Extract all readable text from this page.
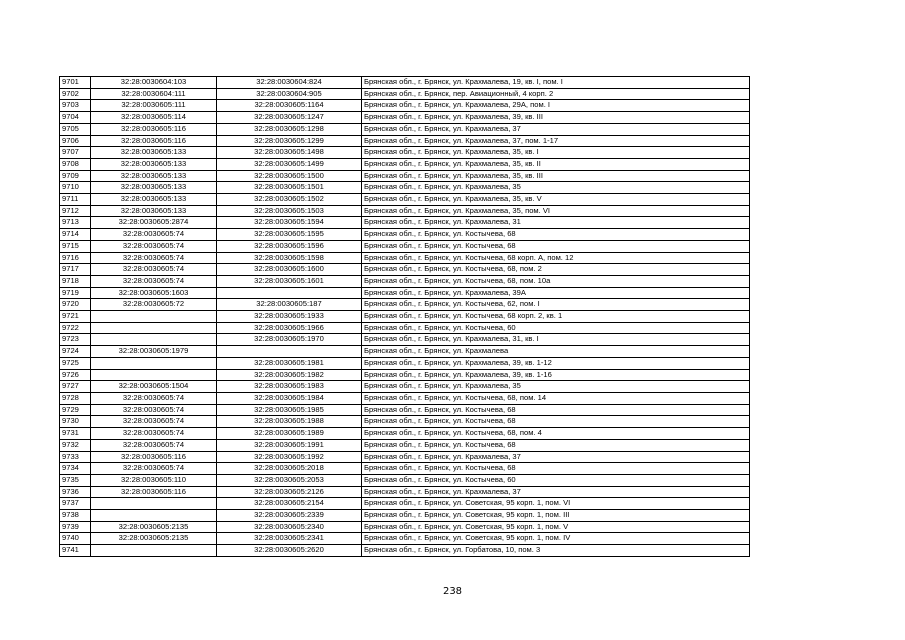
9701	32:28:0030604:103	32:28:0030604:824	Брянская обл., г. Брянск, ул. Крахмалева, 19, кв. I, пом. I
9702	32:28:0030604:111	32:28:0030604:905	Брянская обл., г. Брянск, пер. Авиационный, 4 корп. 2
9703	32:28:0030605:111	32:28:0030605:1164	Брянская обл., г. Брянск, ул. Крахмалева, 29А, пом. I
9704	32:28:0030605:114	32:28:0030605:1247	Брянская обл., г. Брянск, ул. Крахмалева, 39, кв. III
9705	32:28:0030605:116	32:28:0030605:1298	Брянская обл., г. Брянск, ул. Крахмалева, 37
9706	32:28:0030605:116	32:28:0030605:1299	Брянская обл., г. Брянск, ул. Крахмалева, 37, пом. 1-17
9707	32:28:0030605:133	32:28:0030605:1498	Брянская обл., г. Брянск, ул. Крахмалева, 35, кв. I
9708	32:28:0030605:133	32:28:0030605:1499	Брянская обл., г. Брянск, ул. Крахмалева, 35, кв. II
9709	32:28:0030605:133	32:28:0030605:1500	Брянская обл., г. Брянск, ул. Крахмалева, 35, кв. III
9710	32:28:0030605:133	32:28:0030605:1501	Брянская обл., г. Брянск, ул. Крахмалева, 35
9711	32:28:0030605:133	32:28:0030605:1502	Брянская обл., г. Брянск, ул. Крахмалева, 35, кв. V
9712	32:28:0030605:133	32:28:0030605:1503	Брянская обл., г. Брянск, ул. Крахмалева, 35, пом. VI
9713	32:28:0030605:2874	32:28:0030605:1594	Брянская обл., г. Брянск, ул. Крахмалева, 31
9714	32:28:0030605:74	32:28:0030605:1595	Брянская обл., г. Брянск, ул. Костычева, 68
9715	32:28:0030605:74	32:28:0030605:1596	Брянская обл., г. Брянск, ул. Костычева, 68
9716	32:28:0030605:74	32:28:0030605:1598	Брянская обл., г. Брянск, ул. Костычева, 68 корп. А, пом. 12
9717	32:28:0030605:74	32:28:0030605:1600	Брянская обл., г. Брянск, ул. Костычева, 68, пом. 2
9718	32:28:0030605:74	32:28:0030605:1601	Брянская обл., г. Брянск, ул. Костычева, 68, пом. 10а
9719	32:28:0030605:1603		Брянская обл., г. Брянск, ул. Крахмалева, 39А
9720	32:28:0030605:72	32:28:0030605:187	Брянская обл., г. Брянск, ул. Костычева, 62, пом. I
9721		32:28:0030605:1933	Брянская обл., г. Брянск, ул. Костычева, 68 корп. 2, кв. 1
9722		32:28:0030605:1966	Брянская обл., г. Брянск, ул. Костычева, 60
9723		32:28:0030605:1970	Брянская обл., г. Брянск, ул. Крахмалева, 31, кв. I
9724	32:28:0030605:1979		Брянская обл., г. Брянск, ул. Крахмалева
9725		32:28:0030605:1981	Брянская обл., г. Брянск, ул. Крахмалева, 39, кв. 1-12
9726		32:28:0030605:1982	Брянская обл., г. Брянск, ул. Крахмалева, 39, кв. 1-16
9727	32:28:0030605:1504	32:28:0030605:1983	Брянская обл., г. Брянск, ул. Крахмалева, 35
9728	32:28:0030605:74	32:28:0030605:1984	Брянская обл., г. Брянск, ул. Костычева, 68, пом. 14
9729	32:28:0030605:74	32:28:0030605:1985	Брянская обл., г. Брянск, ул. Костычева, 68
9730	32:28:0030605:74	32:28:0030605:1988	Брянская обл., г. Брянск, ул. Костычева, 68
9731	32:28:0030605:74	32:28:0030605:1989	Брянская обл., г. Брянск, ул. Костычева, 68, пом. 4
9732	32:28:0030605:74	32:28:0030605:1991	Брянская обл., г. Брянск, ул. Костычева, 68
9733	32:28:0030605:116	32:28:0030605:1992	Брянская обл., г. Брянск, ул. Крахмалева, 37
9734	32:28:0030605:74	32:28:0030605:2018	Брянская обл., г. Брянск, ул. Костычева, 68
9735	32:28:0030605:110	32:28:0030605:2053	Брянская обл., г. Брянск, ул. Костычева, 60
9736	32:28:0030605:116	32:28:0030605:2126	Брянская обл., г. Брянск, ул. Крахмалева, 37
9737		32:28:0030605:2154	Брянская обл., г. Брянск, ул. Советская, 95 корп. 1, пом. VI
9738		32:28:0030605:2339	Брянская обл., г. Брянск, ул. Советская, 95 корп. 1, пом. III
9739	32:28:0030605:2135	32:28:0030605:2340	Брянская обл., г. Брянск, ул. Советская, 95 корп. 1, пом. V
9740	32:28:0030605:2135	32:28:0030605:2341	Брянская обл., г. Брянск, ул. Советская, 95 корп. 1, пом. IV
9741		32:28:0030605:2620	Брянская обл., г. Брянск, ул. Горбатова, 10, пом. 3
238
